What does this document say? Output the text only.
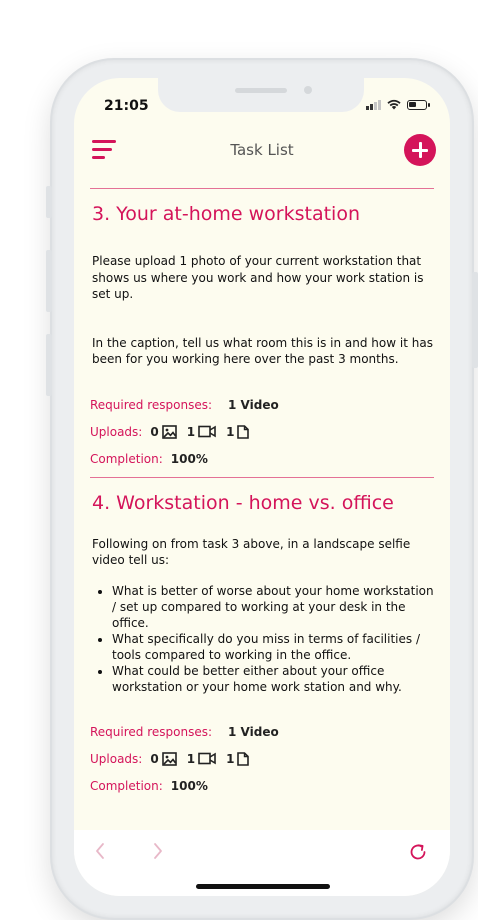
21:05
Task List
3. Your at-home workstation

Please upload 1 photo of your current workstation that shows us where you work and how your work station is set up.

In the caption, tell us what room this is in and how it has been for you working here over the past 3 months.

Required responses: 1 Video
Uploads: 0 1	1
Completion: 100%
4. Workstation - home vs. office

Following on from task 3 above, in a landscape selfie video tell us:

• What is better of worse about your home workstation / set up compared to working at your desk in the office.
• What specifically do you miss in terms of facilities / tools compared to working in the office.
• What could be better either about your office workstation or your home work station and why.
Required responses: 1 Video
Uploads: 0 1	1
Completion: 100%
